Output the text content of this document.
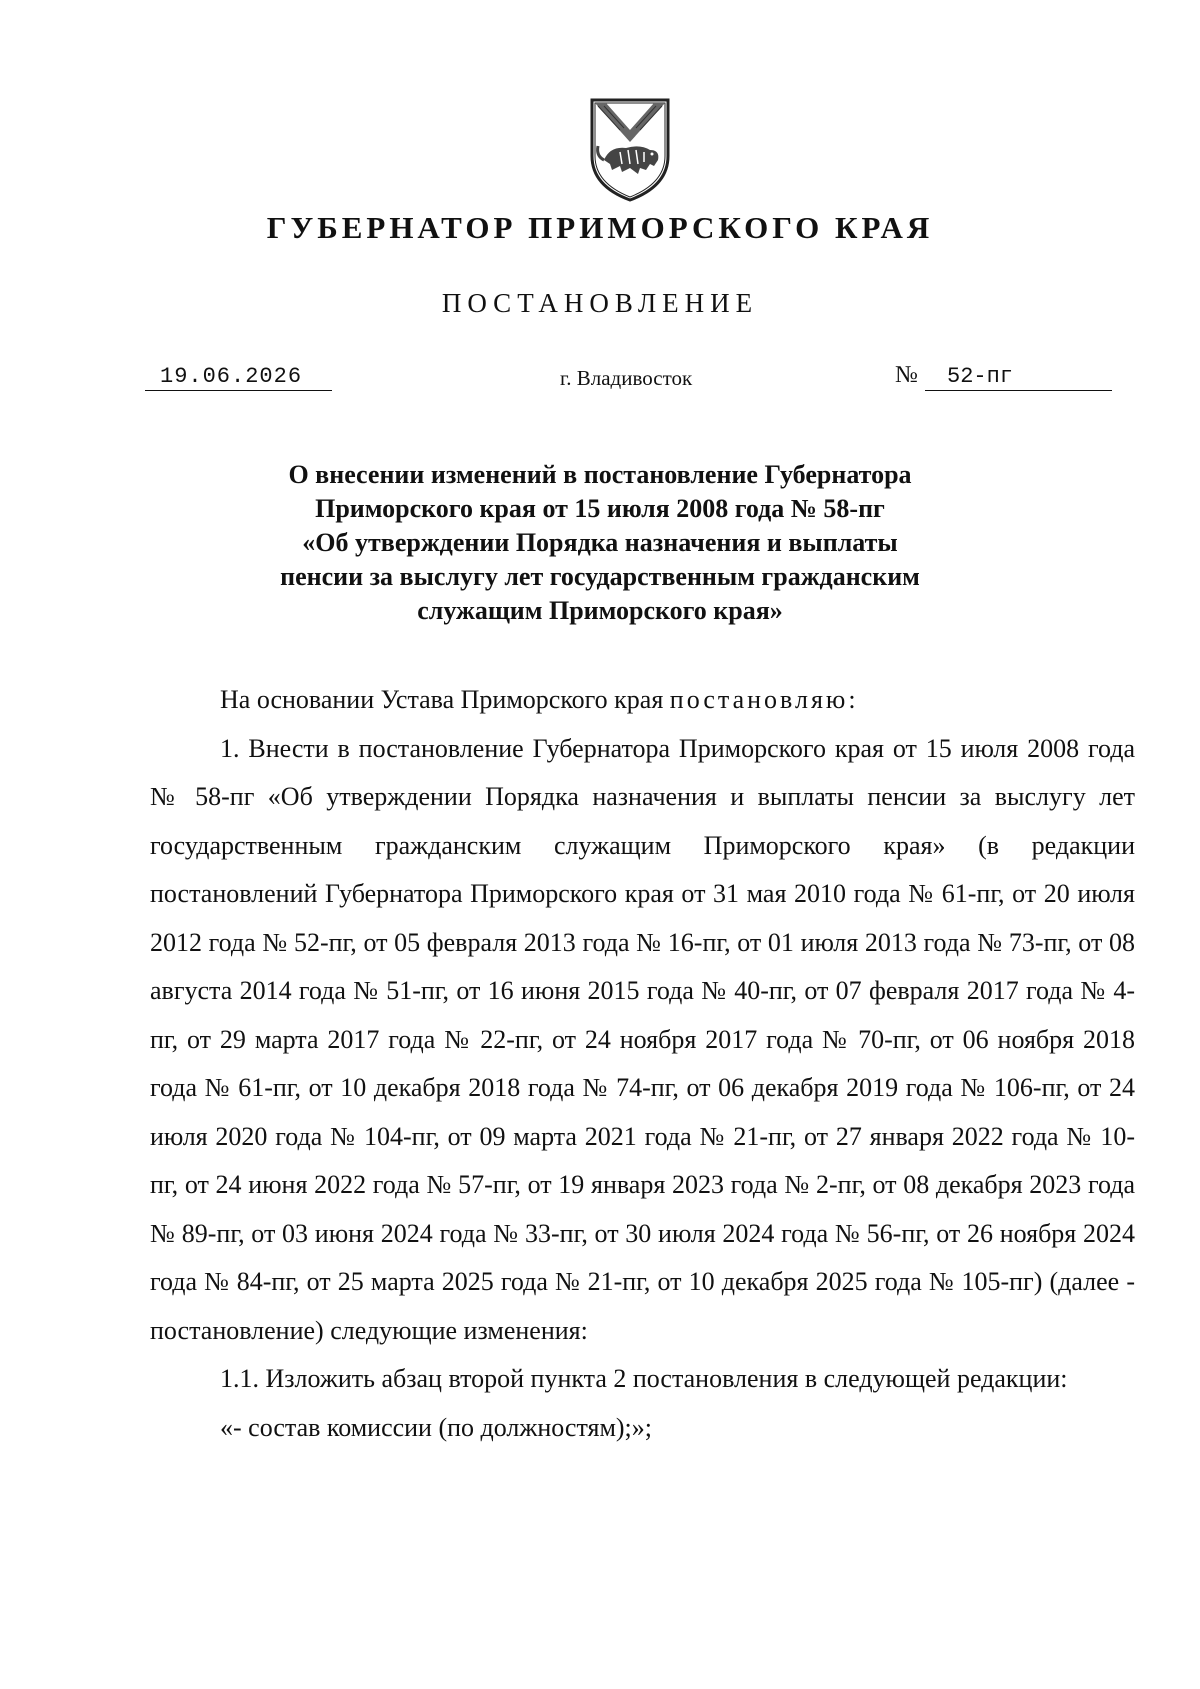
ГУБЕРНАТОР ПРИМОРСКОГО КРАЯ
ПОСТАНОВЛЕНИЕ
19.06.2026	г. Владивосток	№	52-пг
О внесении изменений в постановление Губернатора
Приморского края от 15 июля 2008 года № 58-пг
«Об утверждении Порядка назначения и выплаты
пенсии за выслугу лет государственным гражданским
служащим Приморского края»

На основании Устава Приморского края постановляю:

1. Внести в постановление Губернатора Приморского края от 15 июля 2008 года № 58-пг «Об утверждении Порядка назначения и выплаты пенсии за выслугу лет государственным гражданским служащим Приморского края» (в редакции постановлений Губернатора Приморского края от 31 мая 2010 года № 61-пг, от 20 июля 2012 года № 52-пг, от 05 февраля 2013 года № 16-пг, от 01 июля 2013 года № 73-пг, от 08 августа 2014 года № 51-пг, от 16 июня 2015 года № 40-пг, от 07 февраля 2017 года № 4-пг, от 29 марта 2017 года № 22-пг, от 24 ноября 2017 года № 70-пг, от 06 ноября 2018 года № 61-пг, от 10 декабря 2018 года № 74-пг, от 06 декабря 2019 года № 106-пг, от 24 июля 2020 года № 104-пг, от 09 марта 2021 года № 21-пг, от 27 января 2022 года № 10-пг, от 24 июня 2022 года № 57-пг, от 19 января 2023 года № 2-пг, от 08 декабря 2023 года № 89-пг, от 03 июня 2024 года № 33-пг, от 30 июля 2024 года № 56-пг, от 26 ноября 2024 года № 84-пг, от 25 марта 2025 года № 21-пг, от 10 декабря 2025 года № 105-пг) (далее - постановление) следующие изменения:

1.1. Изложить абзац второй пункта 2 постановления в следующей редакции:

«- состав комиссии (по должностям);»;
